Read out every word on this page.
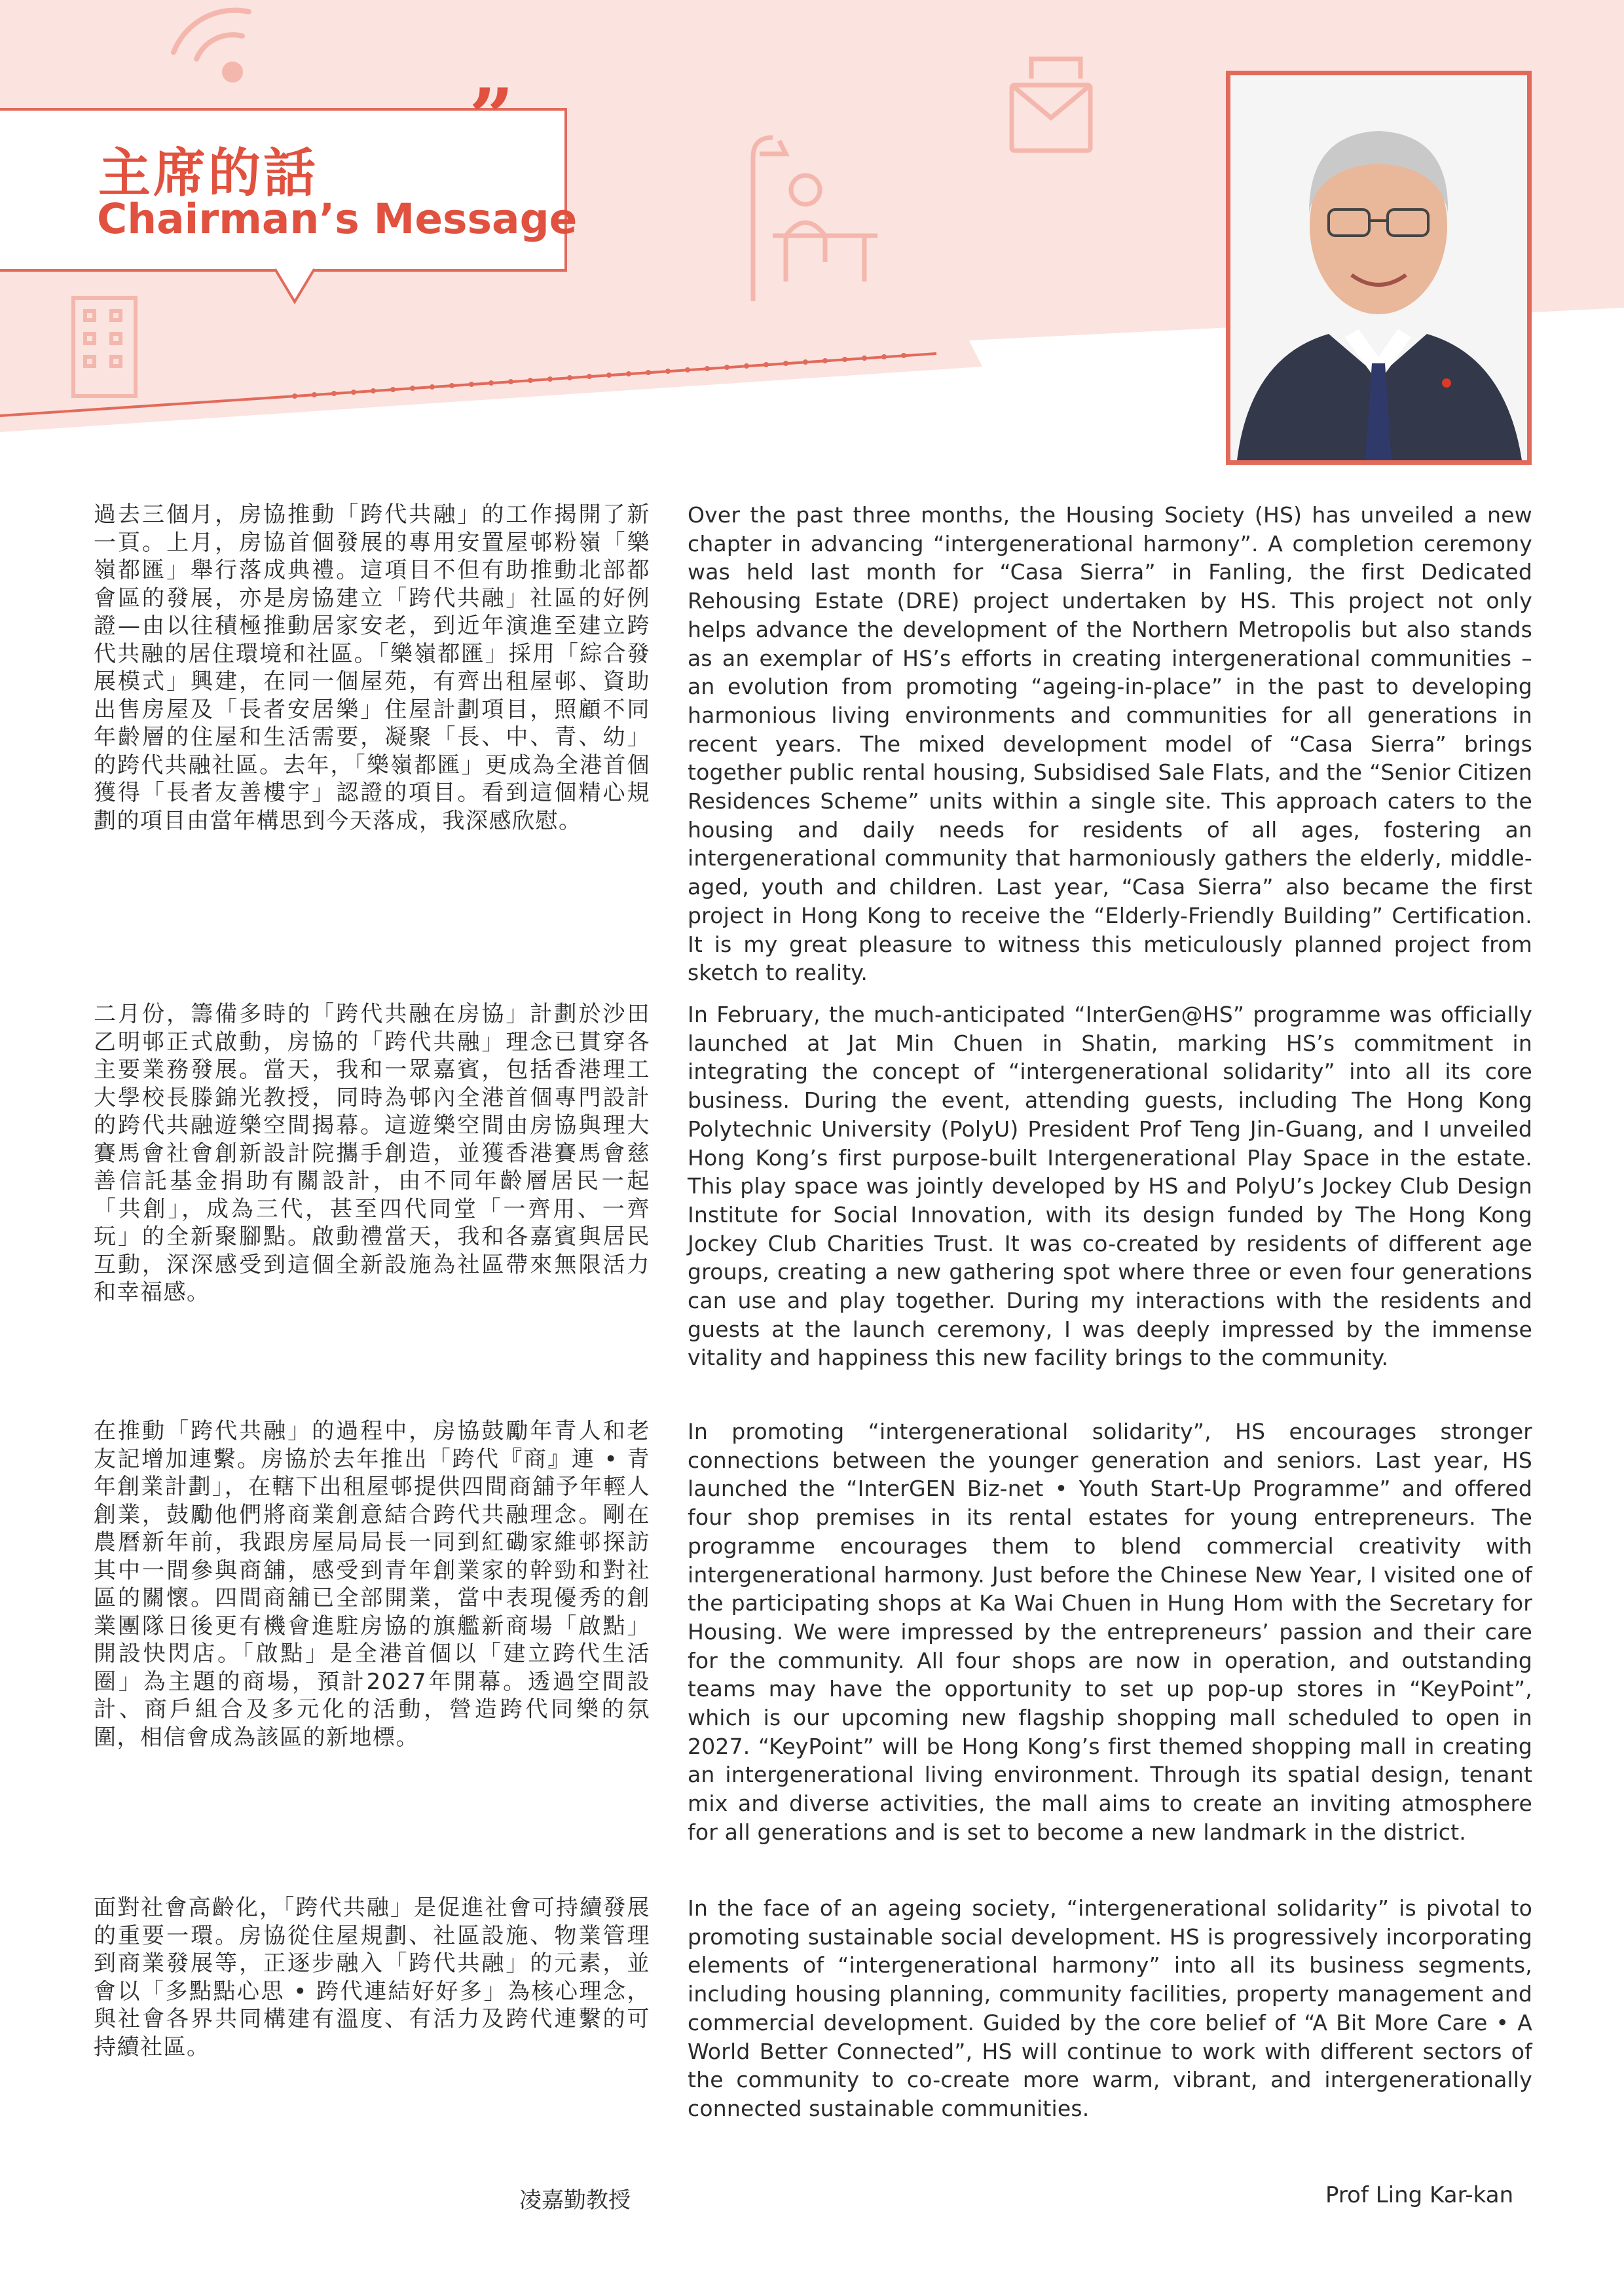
”
主席的話
Chairman’s Message
過去三個月，房協推動「跨代共融」的工作揭開了新一頁。上月，房協首個發展的專用安置屋邨粉嶺「樂嶺都匯」舉行落成典禮。這項目不但有助推動北部都會區的發展，亦是房協建立「跨代共融」社區的好例證—由以往積極推動居家安老，到近年演進至建立跨代共融的居住環境和社區。「樂嶺都匯」採用「綜合發展模式」興建，在同一個屋苑，有齊出租屋邨、資助出售房屋及「長者安居樂」住屋計劃項目，照顧不同年齡層的住屋和生活需要，凝聚「長、中、青、幼」的跨代共融社區。去年，「樂嶺都匯」更成為全港首個獲得「長者友善樓宇」認證的項目。看到這個精心規劃的項目由當年構思到今天落成，我深感欣慰。
二月份，籌備多時的「跨代共融在房協」計劃於沙田乙明邨正式啟動，房協的「跨代共融」理念已貫穿各主要業務發展。當天，我和一眾嘉賓，包括香港理工大學校長滕錦光教授，同時為邨內全港首個專門設計的跨代共融遊樂空間揭幕。這遊樂空間由房協與理大賽馬會社會創新設計院攜手創造，並獲香港賽馬會慈善信託基金捐助有關設計，由不同年齡層居民一起「共創」，成為三代，甚至四代同堂「一齊用、一齊玩」的全新聚腳點。啟動禮當天，我和各嘉賓與居民互動，深深感受到這個全新設施為社區帶來無限活力和幸福感。
在推動「跨代共融」的過程中，房協鼓勵年青人和老友記增加連繫。房協於去年推出「跨代『商』連 • 青年創業計劃」，在轄下出租屋邨提供四間商舖予年輕人創業，鼓勵他們將商業創意結合跨代共融理念。剛在農曆新年前，我跟房屋局局長一同到紅磡家維邨探訪其中一間參與商舖，感受到青年創業家的幹勁和對社區的關懷。四間商舖已全部開業，當中表現優秀的創業團隊日後更有機會進駐房協的旗艦新商場「啟點」開設快閃店。「啟點」是全港首個以「建立跨代生活圈」為主題的商場，預計2027年開幕。透過空間設計、商戶組合及多元化的活動，營造跨代同樂的氛圍，相信會成為該區的新地標。
面對社會高齡化，「跨代共融」是促進社會可持續發展的重要一環。房協從住屋規劃、社區設施、物業管理到商業發展等，正逐步融入「跨代共融」的元素，並會以「多點點心思 • 跨代連結好好多」為核心理念，與社會各界共同構建有溫度、有活力及跨代連繫的可持續社區。
Over the past three months, the Housing Society (HS) has unveiled a new chapter in advancing “intergenerational harmony”. A completion ceremony was held last month for “Casa Sierra” in Fanling, the first Dedicated Rehousing Estate (DRE) project undertaken by HS. This project not only helps advance the development of the Northern Metropolis but also stands as an exemplar of HS’s efforts in creating intergenerational communities – an evolution from promoting “ageing-in-place” in the past to developing harmonious living environments and communities for all generations in recent years. The mixed development model of “Casa Sierra” brings together public rental housing, Subsidised Sale Flats, and the “Senior Citizen Residences Scheme” units within a single site. This approach caters to the housing and daily needs for residents of all ages, fostering an intergenerational community that harmoniously gathers the elderly, middle-aged, youth and children. Last year, “Casa Sierra” also became the first project in Hong Kong to receive the “Elderly-Friendly Building” Certification. It is my great pleasure to witness this meticulously planned project from sketch to reality.
In February, the much-anticipated “InterGen@HS” programme was officially launched at Jat Min Chuen in Shatin, marking HS’s commitment in integrating the concept of “intergenerational solidarity” into all its core business. During the event, attending guests, including The Hong Kong Polytechnic University (PolyU) President Prof Teng Jin-Guang, and I unveiled Hong Kong’s first purpose-built Intergenerational Play Space in the estate. This play space was jointly developed by HS and PolyU’s Jockey Club Design Institute for Social Innovation, with its design funded by The Hong Kong Jockey Club Charities Trust. It was co-created by residents of different age groups, creating a new gathering spot where three or even four generations can use and play together. During my interactions with the residents and guests at the launch ceremony, I was deeply impressed by the immense vitality and happiness this new facility brings to the community.
In promoting “intergenerational solidarity”, HS encourages stronger connections between the younger generation and seniors. Last year, HS launched the “InterGEN Biz-net • Youth Start-Up Programme” and offered four shop premises in its rental estates for young entrepreneurs. The programme encourages them to blend commercial creativity with intergenerational harmony. Just before the Chinese New Year, I visited one of the participating shops at Ka Wai Chuen in Hung Hom with the Secretary for Housing. We were impressed by the entrepreneurs’ passion and their care for the community. All four shops are now in operation, and outstanding teams may have the opportunity to set up pop-up stores in “KeyPoint”, which is our upcoming new flagship shopping mall scheduled to open in 2027. “KeyPoint” will be Hong Kong’s first themed shopping mall in creating an intergenerational living environment. Through its spatial design, tenant mix and diverse activities, the mall aims to create an inviting atmosphere for all generations and is set to become a new landmark in the district.
In the face of an ageing society, “intergenerational solidarity” is pivotal to promoting sustainable social development. HS is progressively incorporating elements of “intergenerational harmony” into all its business segments, including housing planning, community facilities, property management and commercial development. Guided by the core belief of “A Bit More Care • A World Better Connected”, HS will continue to work with different sectors of the community to co-create more warm, vibrant, and intergenerationally connected sustainable communities.
凌嘉勤教授	Prof Ling Kar-kan
